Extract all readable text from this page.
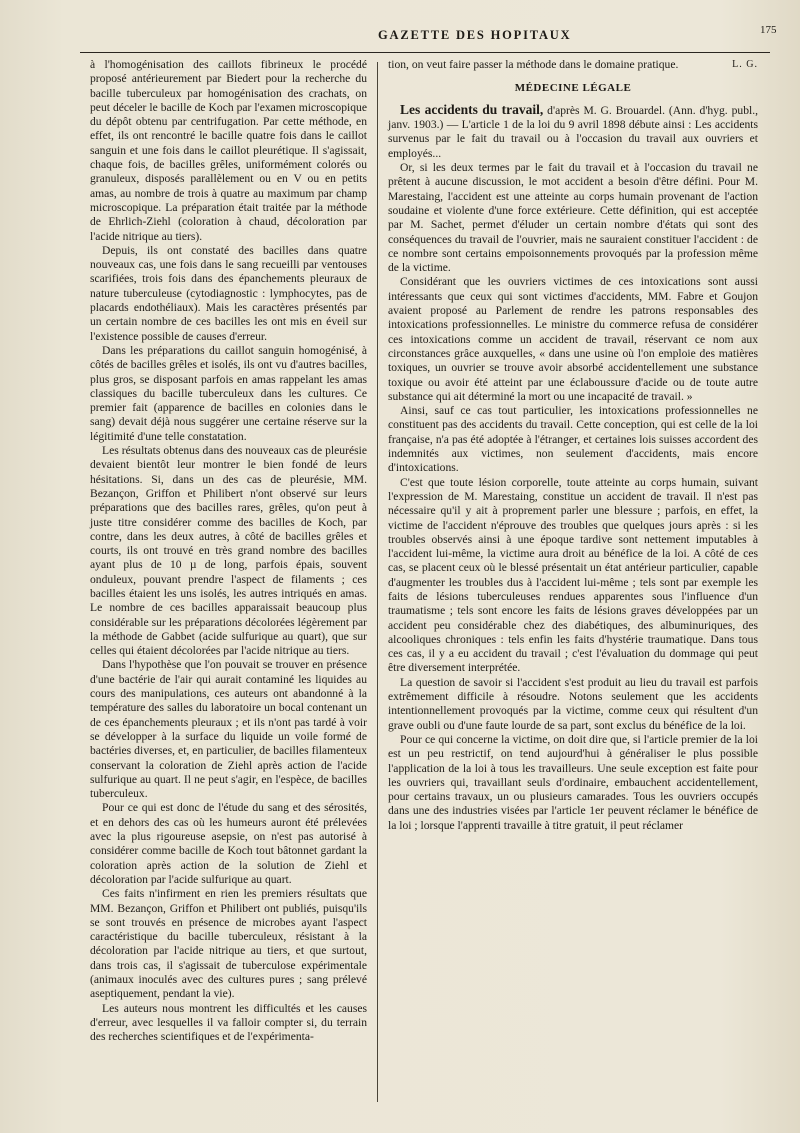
GAZETTE DES HOPITAUX	175

à l'homogénisation des caillots fibrineux le procédé proposé antérieurement par Biedert pour la recherche du bacille tuberculeux par homogénisation des crachats, on peut déceler le bacille de Koch par l'examen microscopique du dépôt obtenu par centrifugation. Par cette méthode, en effet, ils ont rencontré le bacille quatre fois dans le caillot sanguin et une fois dans le caillot pleurétique. Il s'agissait, chaque fois, de bacilles grêles, uniformément colorés ou granuleux, disposés parallèlement ou en V ou en petits amas, au nombre de trois à quatre au maximum par champ microscopique. La préparation était traitée par la méthode de Ehrlich-Ziehl (coloration à chaud, décoloration par l'acide nitrique au tiers).

Depuis, ils ont constaté des bacilles dans quatre nouveaux cas, une fois dans le sang recueilli par ventouses scarifiées, trois fois dans des épanchements pleuraux de nature tuberculeuse (cytodiagnostic : lymphocytes, pas de placards endothéliaux). Mais les caractères présentés par un certain nombre de ces bacilles les ont mis en éveil sur l'existence possible de causes d'erreur.

Dans les préparations du caillot sanguin homogénisé, à côtés de bacilles grêles et isolés, ils ont vu d'autres bacilles, plus gros, se disposant parfois en amas rappelant les amas classiques du bacille tuberculeux dans les cultures. Ce premier fait (apparence de bacilles en colonies dans le sang) devait déjà nous suggérer une certaine réserve sur la légitimité d'une telle constatation.

Les résultats obtenus dans des nouveaux cas de pleurésie devaient bientôt leur montrer le bien fondé de leurs hésitations. Si, dans un des cas de pleurésie, MM. Bezançon, Griffon et Philibert n'ont observé sur leurs préparations que des bacilles rares, grêles, qu'on peut à juste titre considérer comme des bacilles de Koch, par contre, dans les deux autres, à côté de bacilles grêles et courts, ils ont trouvé en très grand nombre des bacilles ayant plus de 10 µ de long, parfois épais, souvent onduleux, pouvant prendre l'aspect de filaments ; ces bacilles étaient les uns isolés, les autres intriqués en amas. Le nombre de ces bacilles apparaissait beaucoup plus considérable sur les préparations décolorées légèrement par la méthode de Gabbet (acide sulfurique au quart), que sur celles qui étaient décolorées par l'acide nitrique au tiers.

Dans l'hypothèse que l'on pouvait se trouver en présence d'une bactérie de l'air qui aurait contaminé les liquides au cours des manipulations, ces auteurs ont abandonné à la température des salles du laboratoire un bocal contenant un de ces épanchements pleuraux ; et ils n'ont pas tardé à voir se développer à la surface du liquide un voile formé de bactéries diverses, et, en particulier, de bacilles filamenteux conservant la coloration de Ziehl après action de l'acide sulfurique au quart. Il ne peut s'agir, en l'espèce, de bacilles tuberculeux.

Pour ce qui est donc de l'étude du sang et des sérosités, et en dehors des cas où les humeurs auront été prélevées avec la plus rigoureuse asepsie, on n'est pas autorisé à considérer comme bacille de Koch tout bâtonnet gardant la coloration après action de la solution de Ziehl et décoloration par l'acide sulfurique au quart.

Ces faits n'infirment en rien les premiers résultats que MM. Bezançon, Griffon et Philibert ont publiés, puisqu'ils se sont trouvés en présence de microbes ayant l'aspect caractéristique du bacille tuberculeux, résistant à la décoloration par l'acide nitrique au tiers, et que surtout, dans trois cas, il s'agissait de tuberculose expérimentale (animaux inoculés avec des cultures pures ; sang prélevé aseptiquement, pendant la vie).

Les auteurs nous montrent les difficultés et les causes d'erreur, avec lesquelles il va falloir compter si, du terrain des recherches scientifiques et de l'expérimenta-

tion, on veut faire passer la méthode dans le domaine pratique.	L. G.
MÉDECINE LÉGALE

Les accidents du travail, d'après M. G. Brouardel. (Ann. d'hyg. publ., janv. 1903.) — L'article 1 de la loi du 9 avril 1898 débute ainsi : Les accidents survenus par le fait du travail ou à l'occasion du travail aux ouvriers et employés...

Or, si les deux termes par le fait du travail et à l'occasion du travail ne prêtent à aucune discussion, le mot accident a besoin d'être défini. Pour M. Marestaing, l'accident est une atteinte au corps humain provenant de l'action soudaine et violente d'une force extérieure. Cette définition, qui est acceptée par M. Sachet, permet d'éluder un certain nombre d'états qui sont des conséquences du travail de l'ouvrier, mais ne sauraient constituer l'accident : de ce nombre sont certains empoisonnements provoqués par la profession même de la victime.

Considérant que les ouvriers victimes de ces intoxications sont aussi intéressants que ceux qui sont victimes d'accidents, MM. Fabre et Goujon avaient proposé au Parlement de rendre les patrons responsables des intoxications professionnelles. Le ministre du commerce refusa de considérer ces intoxications comme un accident de travail, réservant ce nom aux circonstances grâce auxquelles, « dans une usine où l'on emploie des matières toxiques, un ouvrier se trouve avoir absorbé accidentellement une substance toxique ou avoir été atteint par une éclaboussure d'acide ou de toute autre substance qui ait déterminé la mort ou une incapacité de travail. »

Ainsi, sauf ce cas tout particulier, les intoxications professionnelles ne constituent pas des accidents du travail. Cette conception, qui est celle de la loi française, n'a pas été adoptée à l'étranger, et certaines lois suisses accordent des indemnités aux victimes, non seulement d'accidents, mais encore d'intoxications.

C'est que toute lésion corporelle, toute atteinte au corps humain, suivant l'expression de M. Marestaing, constitue un accident de travail. Il n'est pas nécessaire qu'il y ait à proprement parler une blessure ; parfois, en effet, la victime de l'accident n'éprouve des troubles que quelques jours après : si les troubles observés ainsi à une époque tardive sont nettement imputables à l'accident lui-même, la victime aura droit au bénéfice de la loi. A côté de ces cas, se placent ceux où le blessé présentait un état antérieur particulier, capable d'augmenter les troubles dus à l'accident lui-même ; tels sont par exemple les faits de lésions tuberculeuses rendues apparentes sous l'influence d'un traumatisme ; tels sont encore les faits de lésions graves développées par un accident peu considérable chez des diabétiques, des albuminuriques, des alcooliques chroniques : tels enfin les faits d'hystérie traumatique. Dans tous ces cas, il y a eu accident du travail ; c'est l'évaluation du dommage qui peut être diversement interprétée.

La question de savoir si l'accident s'est produit au lieu du travail est parfois extrêmement difficile à résoudre. Notons seulement que les accidents intentionnellement provoqués par la victime, comme ceux qui résultent d'un grave oubli ou d'une faute lourde de sa part, sont exclus du bénéfice de la loi.

Pour ce qui concerne la victime, on doit dire que, si l'article premier de la loi est un peu restrictif, on tend aujourd'hui à généraliser le plus possible l'application de la loi à tous les travailleurs. Une seule exception est faite pour les ouvriers qui, travaillant seuls d'ordinaire, embauchent accidentellement, pour certains travaux, un ou plusieurs camarades. Tous les ouvriers occupés dans une des industries visées par l'article 1er peuvent réclamer le bénéfice de la loi ; lorsque l'apprenti travaille à titre gratuit, il peut réclamer
